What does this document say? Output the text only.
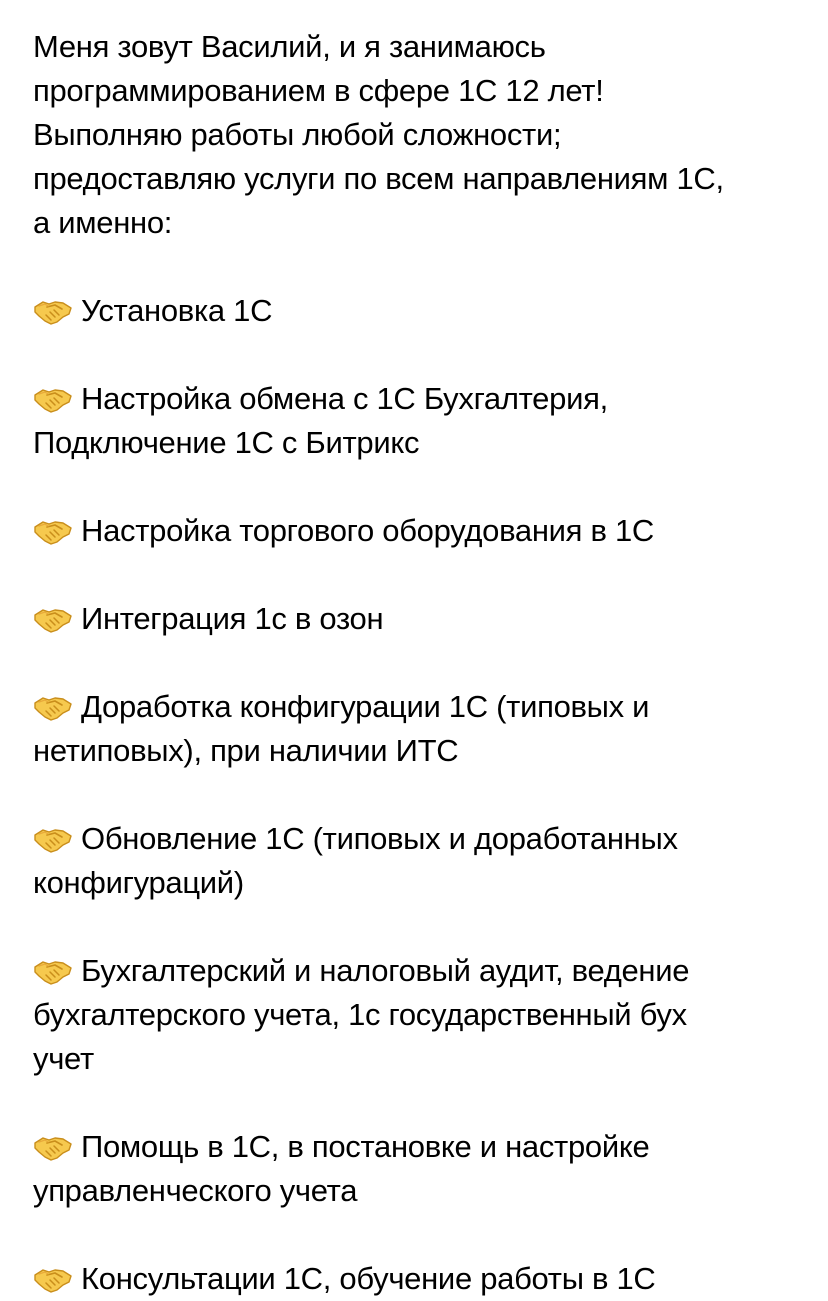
Меня зовут Василий, и я занимаюсь
программированием в сфере 1С 12 лет!
Выполняю работы любой сложности;
предоставляю услуги по всем направлениям 1С,
а именно:
Установка 1С
Настройка обмена с 1С Бухгалтерия,
Подключение 1С с Битрикс
Настройка торгового оборудования в 1С
Интеграция 1с в озон
Доработка конфигурации 1С (типовых и
нетиповых), при наличии ИТС
Обновление 1С (типовых и доработанных
конфигураций)
Бухгалтерский и налоговый аудит, ведение
бухгалтерского учета, 1с государственный бух
учет
Помощь в 1С, в постановке и настройке
управленческого учета
Консультации 1С, обучение работы в 1С
